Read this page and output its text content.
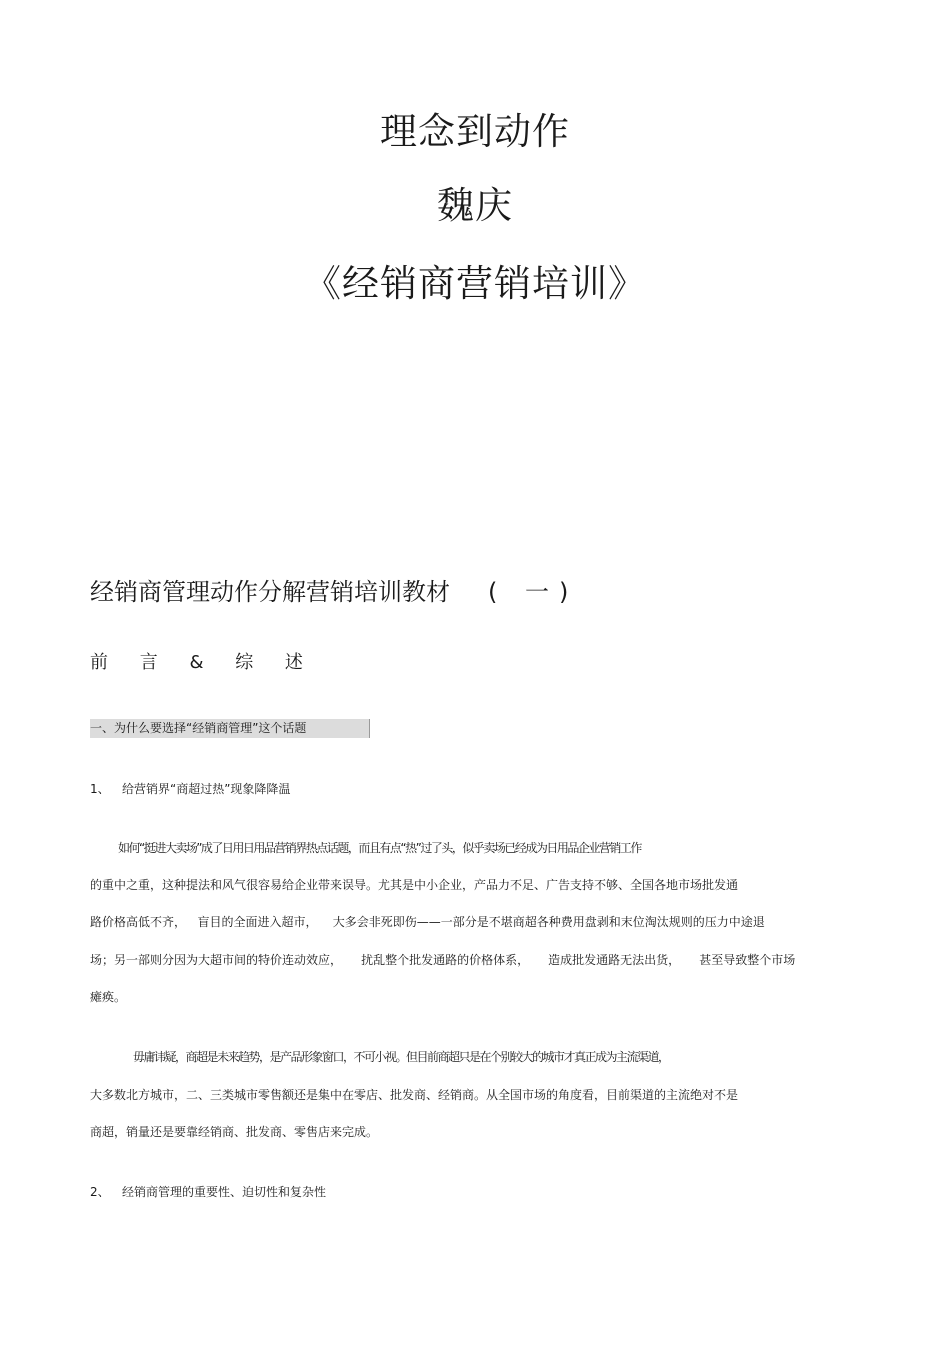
理念到动作
魏庆
《经销商营销培训》
经销商管理动作分解营销培训教材 ( 一)
前 言 & 综 述
一、为什么要选择“经销商管理”这个话题
1、 给营销界“商超过热”现象降降温
如何“挺进大卖场”成了日用日用品营销界热点话题，而且有点“热”过了头，似乎卖场已经成为日用品企业营销工作
的重中之重，这种提法和风气很容易给企业带来误导。尤其是中小企业，产品力不足、广告支持不够、全国各地市场批发通
路价格高低不齐，   盲目的全面进入超市，    大多会非死即伤——一部分是不堪商超各种费用盘剥和末位淘汰规则的压力中途退
场；另一部则分因为大超市间的特价连动效应，     扰乱整个批发通路的价格体系，     造成批发通路无法出货，     甚至导致整个市场
瘫痪。
毋庸讳疑，商超是未来趋势，是产品形象窗口，不可小视。但目前商超只是在个别较大的城市才真正成为主流渠道，
大多数北方城市，二、三类城市零售额还是集中在零店、批发商、经销商。从全国市场的角度看，目前渠道的主流绝对不是
商超，销量还是要靠经销商、批发商、零售店来完成。
2、 经销商管理的重要性、迫切性和复杂性
